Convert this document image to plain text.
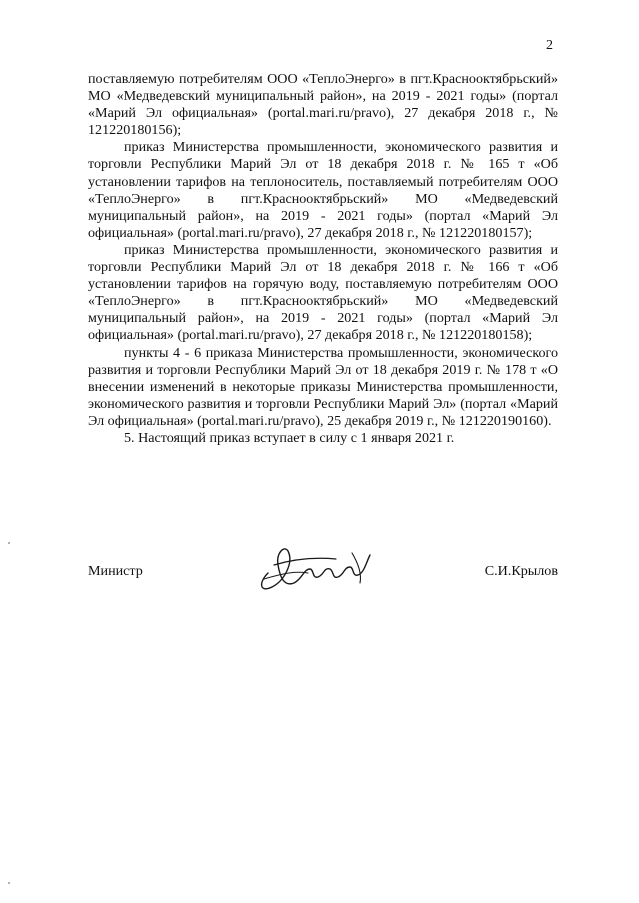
2

поставляемую потребителям ООО «ТеплоЭнерго» в пгт.Краснооктябрьский» МО «Медведевский муниципальный район», на 2019 - 2021 годы» (портал «Марий Эл официальная» (portal.mari.ru/pravo), 27 декабря 2018 г., № 121220180156);

приказ Министерства промышленности, экономического развития и торговли Республики Марий Эл от 18 декабря 2018 г. № 165 т «Об установлении тарифов на теплоноситель, поставляемый потребителям ООО «ТеплоЭнерго» в пгт.Краснооктябрьский» МО «Медведевский муниципальный район», на 2019 - 2021 годы» (портал «Марий Эл официальная» (portal.mari.ru/pravo), 27 декабря 2018 г., № 121220180157);

приказ Министерства промышленности, экономического развития и торговли Республики Марий Эл от 18 декабря 2018 г. № 166 т «Об установлении тарифов на горячую воду, поставляемую потребителям ООО «ТеплоЭнерго» в пгт.Краснооктябрьский» МО «Медведевский муниципальный район», на 2019 - 2021 годы» (портал «Марий Эл официальная» (portal.mari.ru/pravo), 27 декабря 2018 г., № 121220180158);

пункты 4 - 6 приказа Министерства промышленности, экономического развития и торговли Республики Марий Эл от 18 декабря 2019 г. № 178 т «О внесении изменений в некоторые приказы Министерства промышленности, экономического развития и торговли Республики Марий Эл» (портал «Марий Эл официальная» (portal.mari.ru/pravo), 25 декабря 2019 г., № 121220190160).

5. Настоящий приказ вступает в силу с 1 января 2021 г.

Министр	С.И.Крылов
